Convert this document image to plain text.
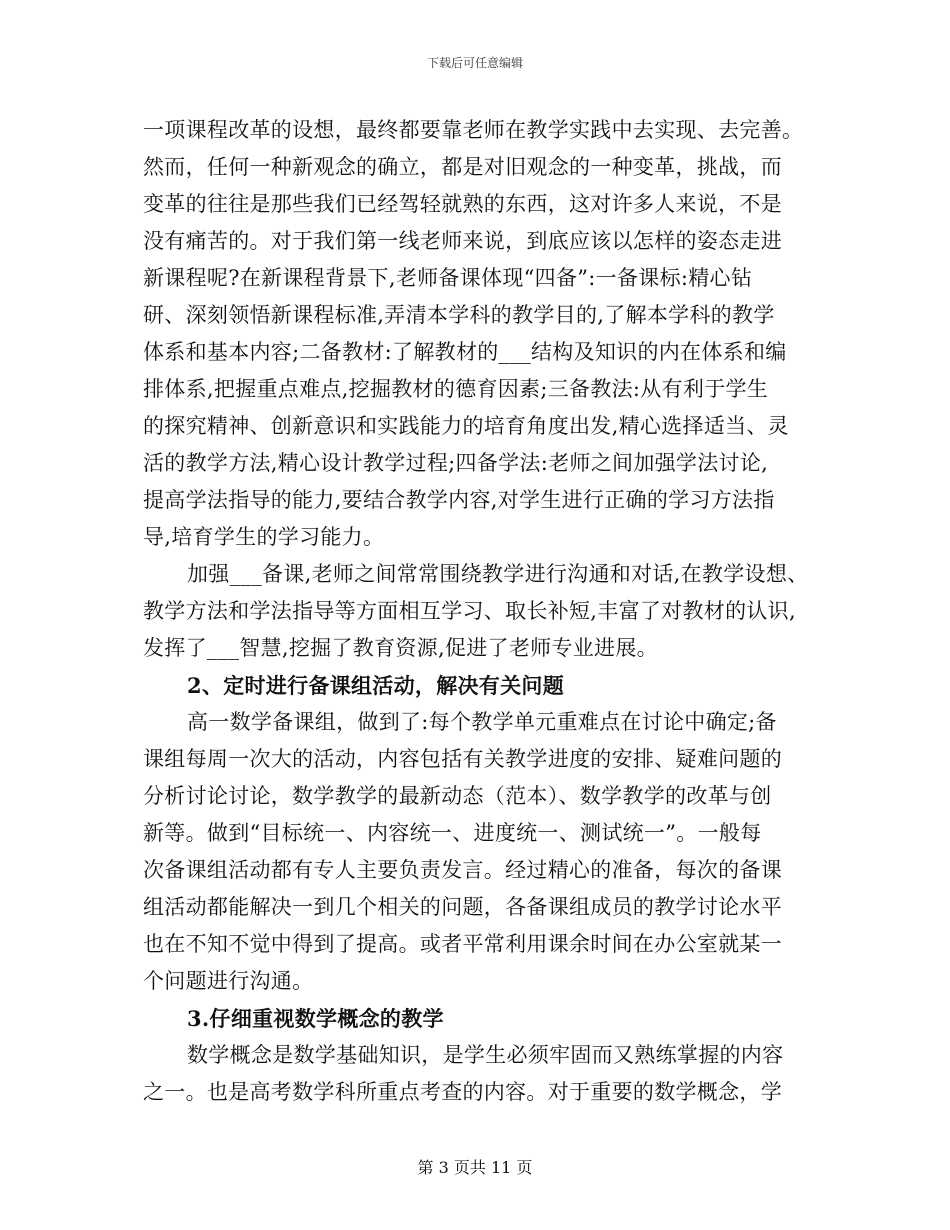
下载后可任意编辑
一项课程改革的设想，最终都要靠老师在教学实践中去实现、去完善。
然而，任何一种新观念的确立，都是对旧观念的一种变革，挑战，而
变革的往往是那些我们已经驾轻就熟的东西，这对许多人来说，不是
没有痛苦的。对于我们第一线老师来说，到底应该以怎样的姿态走进
新课程呢?在新课程背景下,老师备课体现“四备”:一备课标:精心钻
研、深刻领悟新课程标准,弄清本学科的教学目的,了解本学科的教学
体系和基本内容;二备教材:了解教材的___结构及知识的内在体系和编
排体系,把握重点难点,挖掘教材的德育因素;三备教法:从有利于学生
的探究精神、创新意识和实践能力的培育角度出发,精心选择适当、灵
活的教学方法,精心设计教学过程;四备学法:老师之间加强学法讨论,
提高学法指导的能力,要结合教学内容,对学生进行正确的学习方法指
导,培育学生的学习能力。
加强___备课,老师之间常常围绕教学进行沟通和对话,在教学设想、
教学方法和学法指导等方面相互学习、取长补短,丰富了对教材的认识,
发挥了___智慧,挖掘了教育资源,促进了老师专业进展。
2、定时进行备课组活动，解决有关问题
高一数学备课组，做到了:每个教学单元重难点在讨论中确定;备
课组每周一次大的活动，内容包括有关教学进度的安排、疑难问题的
分析讨论讨论，数学教学的最新动态（范本）、数学教学的改革与创
新等。做到“目标统一、内容统一、进度统一、测试统一”。一般每
次备课组活动都有专人主要负责发言。经过精心的准备，每次的备课
组活动都能解决一到几个相关的问题，各备课组成员的教学讨论水平
也在不知不觉中得到了提高。或者平常利用课余时间在办公室就某一
个问题进行沟通。
3.仔细重视数学概念的教学
数学概念是数学基础知识，是学生必须牢固而又熟练掌握的内容
之一。也是高考数学科所重点考查的内容。对于重要的数学概念，学
第 3 页共 11 页
